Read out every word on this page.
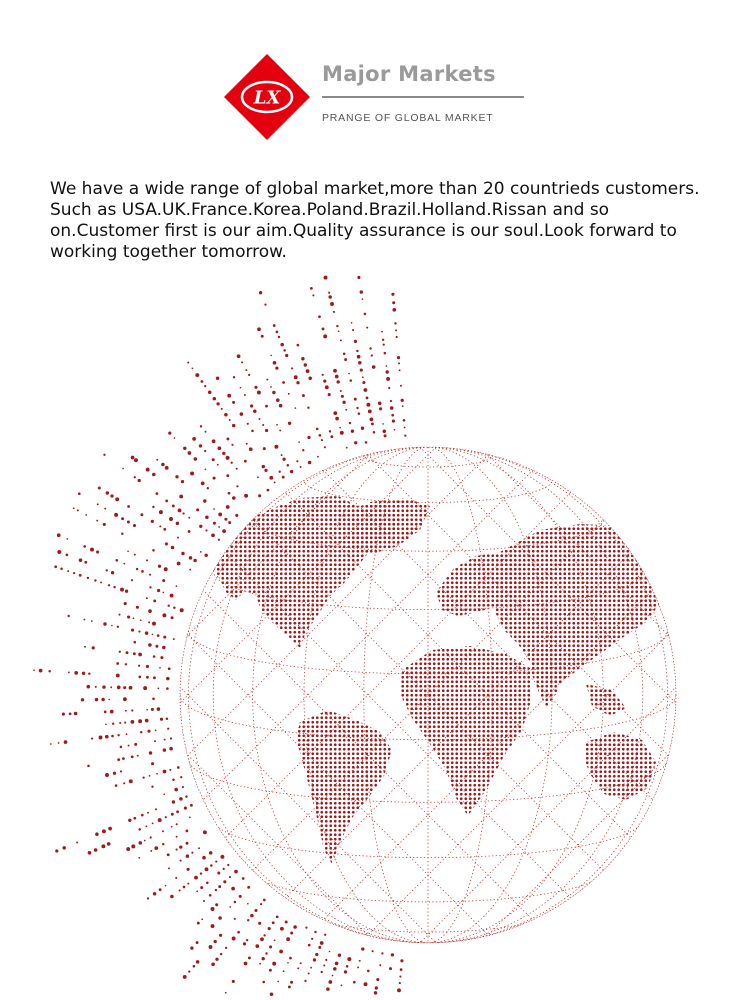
LX
Major Markets
PRANGE OF GLOBAL MARKET

We have a wide range of global market,more than 20 countrieds customers. Such as USA.UK.France.Korea.Poland.Brazil.Holland.Rissan and so on.Customer first is our aim.Quality assurance is our soul.Look forward to working together tomorrow.
